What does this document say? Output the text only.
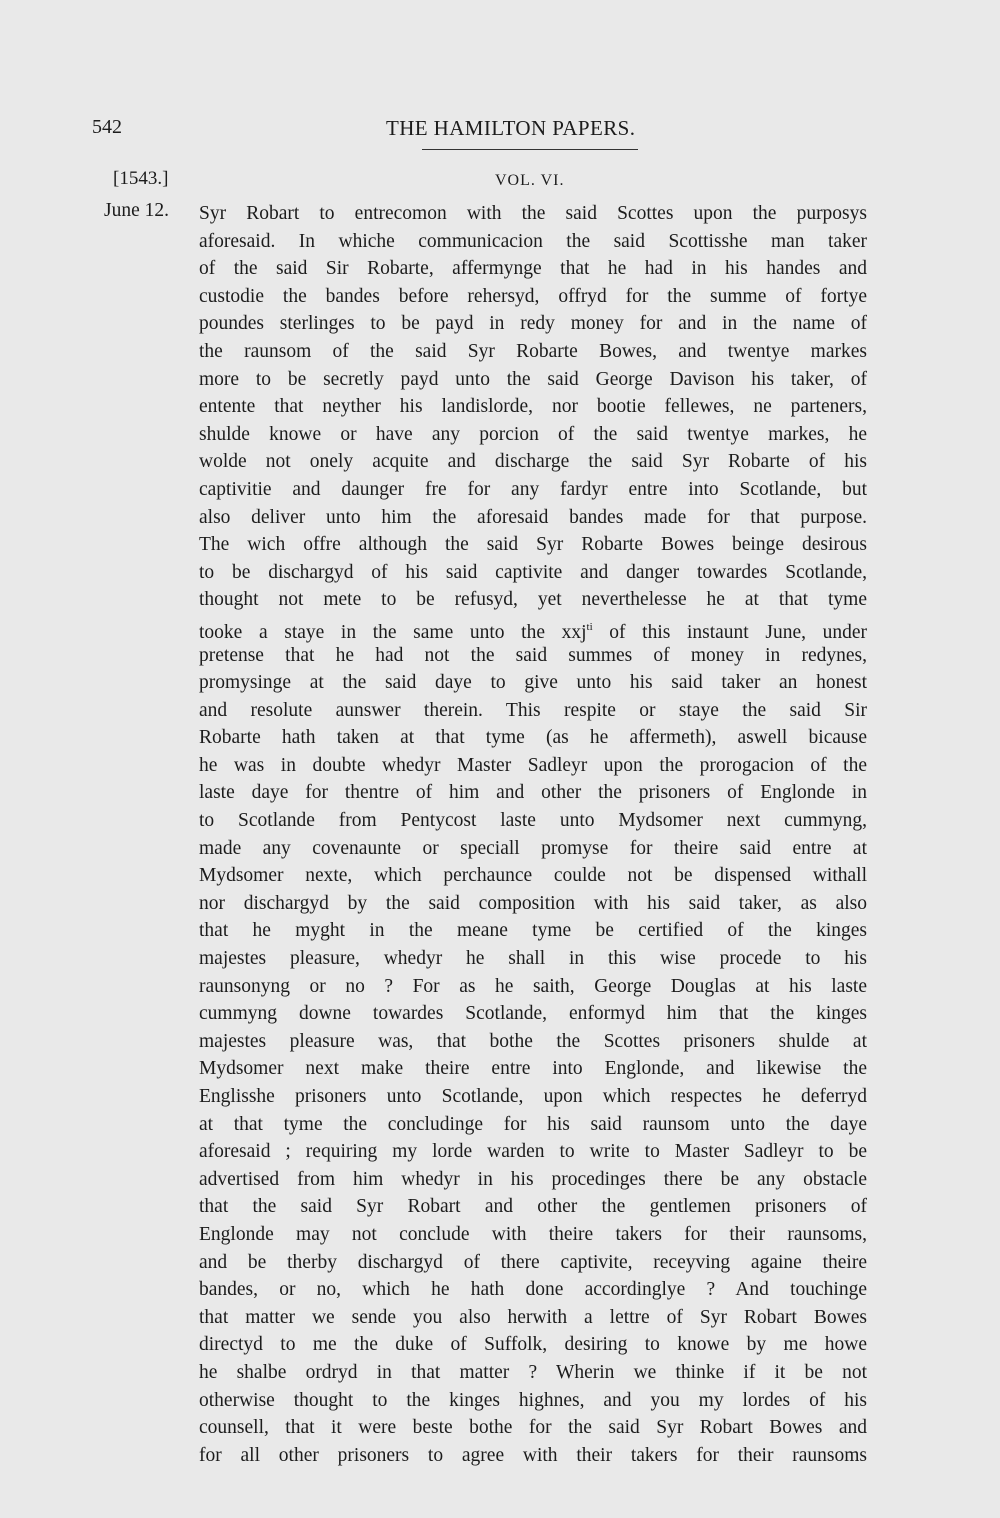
542	THE HAMILTON PAPERS.
[1543.]	VOL. VI.
June 12. Syr Robart to entrecomon with the said Scottes upon the purposys
aforesaid. In whiche communicacion the said Scottisshe man taker
of the said Sir Robarte, affermynge that he had in his handes and
custodie the bandes before rehersyd, offryd for the summe of fortye
poundes sterlinges to be payd in redy money for and in the name of
the raunsom of the said Syr Robarte Bowes, and twentye markes
more to be secretly payd unto the said George Davison his taker, of
entente that neyther his landislorde, nor bootie fellewes, ne parteners,
shulde knowe or have any porcion of the said twentye markes, he
wolde not onely acquite and discharge the said Syr Robarte of his
captivitie and daunger fre for any fardyr entre into Scotlande, but
also deliver unto him the aforesaid bandes made for that purpose.
The wich offre although the said Syr Robarte Bowes beinge desirous
to be dischargyd of his said captivite and danger towardes Scotlande,
thought not mete to be refusyd, yet neverthelesse he at that tyme
tooke a staye in the same unto the xxj$^{ti}$ of this instaunt June, under
pretense that he had not the said summes of money in redynes,
promysinge at the said daye to give unto his said taker an honest
and resolute aunswer therein. This respite or staye the said Sir
Robarte hath taken at that tyme (as he affermeth), aswell bicause
he was in doubte whedyr Master Sadleyr upon the prorogacion of the
laste daye for thentre of him and other the prisoners of Englonde in
to Scotlande from Pentycost laste unto Mydsomer next cummyng,
made any covenaunte or speciall promyse for theire said entre at
Mydsomer nexte, which perchaunce coulde not be dispensed withall
nor dischargyd by the said composition with his said taker, as also
that he myght in the meane tyme be certified of the kinges
majestes pleasure, whedyr he shall in this wise procede to his
raunsonyng or no ? For as he saith, George Douglas at his laste
cummyng downe towardes Scotlande, enformyd him that the kinges
majestes pleasure was, that bothe the Scottes prisoners shulde at
Mydsomer next make theire entre into Englonde, and likewise the
Englisshe prisoners unto Scotlande, upon which respectes he deferryd
at that tyme the concludinge for his said raunsom unto the daye
aforesaid ; requiring my lorde warden to write to Master Sadleyr to be
advertised from him whedyr in his procedinges there be any obstacle
that the said Syr Robart and other the gentlemen prisoners of
Englonde may not conclude with theire takers for their raunsoms,
and be therby dischargyd of there captivite, receyving againe theire
bandes, or no, which he hath done accordinglye ? And touchinge
that matter we sende you also herwith a lettre of Syr Robart Bowes
directyd to me the duke of Suffolk, desiring to knowe by me howe
he shalbe ordryd in that matter ? Wherin we thinke if it be not
otherwise thought to the kinges highnes, and you my lordes of his
counsell, that it were beste bothe for the said Syr Robart Bowes and
for all other prisoners to agree with their takers for their raunsoms
